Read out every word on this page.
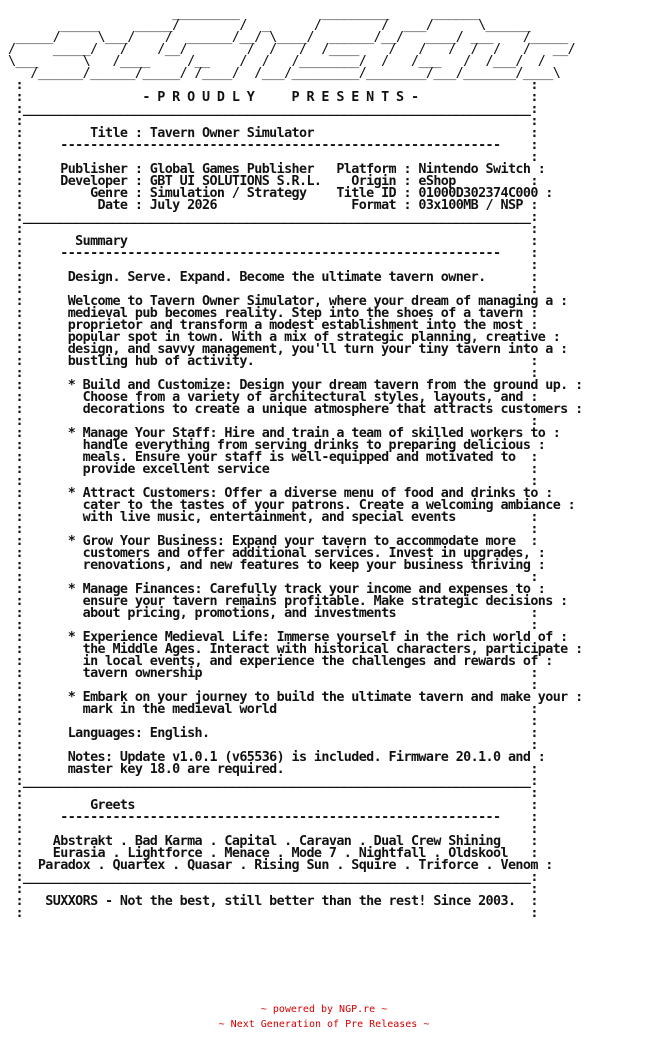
_________           _________      ______
_____     _____/        /  _      /        /  ___/      \______
_____/     \___/    /  ______/__/ \____/  ______/__/   ____/ ___    /_____
/     _____/   /    /__/        /  /   /  /____    /   /   /  /  /   /   __/
\___      \   /____     /__    /  /   /________/  /   /___   /  /___/  /
/______/______/_____/ /____/  /___/_________/________/___/_______/____\
:                                                                    :
:                - P R O U D L Y     P R E S E N T S -               :
:____________________________________________________________________:
:                                                                    :
:         Title : Tavern Owner Simulator                             :
:     -----------------------------------------------------------    :
:                                                                    :
:     Publisher : Global Games Publisher   Platform : Nintendo Switch :
:     Developer : GBT UI SOLUTIONS S.R.L.    Origin : eShop          :
:         Genre : Simulation / Strategy    Title ID : 01000D302374C000 :
:          Date : July 2026                  Format : 03x100MB / NSP :
:____________________________________________________________________:
:                                                                    :
:       Summary                                                      :
:     -----------------------------------------------------------    :
:                                                                    :
:      Design. Serve. Expand. Become the ultimate tavern owner.      :
:                                                                    :
:      Welcome to Tavern Owner Simulator, where your dream of managing a :
:      medieval pub becomes reality. Step into the shoes of a tavern :
:      proprietor and transform a modest establishment into the most :
:      popular spot in town. With a mix of strategic planning, creative :
:      design, and savvy management, you'll turn your tiny tavern into a :
:      bustling hub of activity.                                     :
:                                                                    :
:      * Build and Customize: Design your dream tavern from the ground up. :
:        Choose from a variety of architectural styles, layouts, and :
:        decorations to create a unique atmosphere that attracts customers :
:                                                                    :
:      * Manage Your Staff: Hire and train a team of skilled workers to :
:        handle everything from serving drinks to preparing delicious :
:        meals. Ensure your staff is well-equipped and motivated to  :
:        provide excellent service                                   :
:                                                                    :
:      * Attract Customers: Offer a diverse menu of food and drinks to :
:        cater to the tastes of your patrons. Create a welcoming ambiance :
:        with live music, entertainment, and special events          :
:                                                                    :
:      * Grow Your Business: Expand your tavern to accommodate more  :
:        customers and offer additional services. Invest in upgrades, :
:        renovations, and new features to keep your business thriving :
:                                                                    :
:      * Manage Finances: Carefully track your income and expenses to :
:        ensure your tavern remains profitable. Make strategic decisions :
:        about pricing, promotions, and investments                  :
:                                                                    :
:      * Experience Medieval Life: Immerse yourself in the rich world of :
:        the Middle Ages. Interact with historical characters, participate :
:        in local events, and experience the challenges and rewards of :
:        tavern ownership                                            :
:                                                                    :
:      * Embark on your journey to build the ultimate tavern and make your :
:        mark in the medieval world                                  :
:                                                                    :
:      Languages: English.                                           :
:                                                                    :
:      Notes: Update v1.0.1 (v65536) is included. Firmware 20.1.0 and :
:      master key 18.0 are required.                                 :
:____________________________________________________________________:
:                                                                    :
:         Greets                                                     :
:     -----------------------------------------------------------    :
:                                                                    :
:    Abstrakt . Bad Karma . Capital . Caravan . Dual Crew Shining    :
:    Eurasia . Lightforce . Menace . Mode 7 . Nightfall . Oldskool   :
:  Paradox . Quartex . Quasar . Rising Sun . Squire . Triforce . Venom :
:____________________________________________________________________:
:                                                                    :
:   SUXXORS - Not the best, still better than the rest! Since 2003.  :
:                                                                    :

~ powered by NGP.re ~
~ Next Generation of Pre Releases ~
